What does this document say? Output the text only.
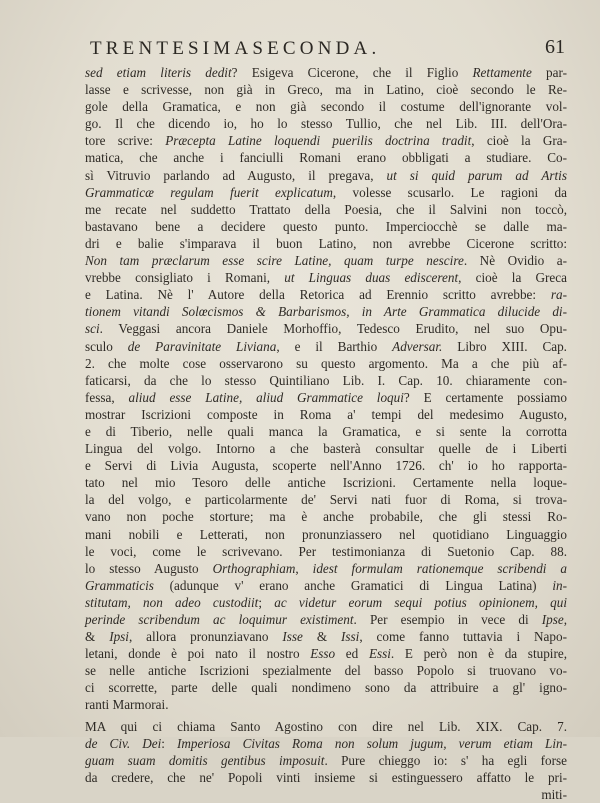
TRENTESIMASECONDA.	61
sed etiam literis dedit? Esigeva Cicerone, che il Figlio Rettamente par-
lasse e scrivesse, non già in Greco, ma in Latino, cioè secondo le Re-
gole della Gramatica, e non già secondo il costume dell'ignorante vol-
go. Il che dicendo io, ho lo stesso Tullio, che nel Lib. III. dell'Ora-
tore scrive: Præcepta Latine loquendi puerilis doctrina tradit, cioè la Gra-
matica, che anche i fanciulli Romani erano obbligati a studiare. Co-
sì Vitruvio parlando ad Augusto, il pregava, ut si quid parum ad Artis
Grammaticæ regulam fuerit explicatum, volesse scusarlo. Le ragioni da
me recate nel suddetto Trattato della Poesia, che il Salvini non toccò,
bastavano bene a decidere questo punto. Imperciocchè se dalle ma-
dri e balie s'imparava il buon Latino, non avrebbe Cicerone scritto:
Non tam præclarum esse scire Latine, quam turpe nescire. Nè Ovidio a-
vrebbe consigliato i Romani, ut Linguas duas ediscerent, cioè la Greca
e Latina. Nè l' Autore della Retorica ad Erennio scritto avrebbe: ra-
tionem vitandi Solœcismos & Barbarismos, in Arte Grammatica dilucide di-
sci. Veggasi ancora Daniele Morhoffio, Tedesco Erudito, nel suo Opu-
sculo de Paravinitate Liviana, e il Barthio Adversar. Libro XIII. Cap.
2. che molte cose osservarono su questo argomento. Ma a che più af-
faticarsi, da che lo stesso Quintiliano Lib. I. Cap. 10. chiaramente con-
fessa, aliud esse Latine, aliud Grammatice loqui? E certamente possiamo
mostrar Iscrizioni composte in Roma a' tempi del medesimo Augusto,
e di Tiberio, nelle quali manca la Gramatica, e si sente la corrotta
Lingua del volgo. Intorno a che basterà consultar quelle de i Liberti
e Servi di Livia Augusta, scoperte nell'Anno 1726. ch' io ho rapporta-
tato nel mio Tesoro delle antiche Iscrizioni. Certamente nella loque-
la del volgo, e particolarmente de' Servi nati fuor di Roma, si trova-
vano non poche storture; ma è anche probabile, che gli stessi Ro-
mani nobili e Letterati, non pronunziassero nel quotidiano Linguaggio
le voci, come le scrivevano. Per testimonianza di Suetonio Cap. 88.
lo stesso Augusto Orthographiam, idest formulam rationemque scribendi a
Grammaticis (adunque v' erano anche Gramatici di Lingua Latina) in-
stitutam, non adeo custodiit; ac videtur eorum sequi potius opinionem, qui
perinde scribendum ac loquimur existiment. Per esempio in vece di Ipse,
& Ipsi, allora pronunziavano Isse & Issi, come fanno tuttavia i Napo-
letani, donde è poi nato il nostro Esso ed Essi. E però non è da stupire,
se nelle antiche Iscrizioni spezialmente del basso Popolo si truovano vo-
ci scorrette, parte delle quali nondimeno sono da attribuire a gl' igno-
ranti Marmorai.
MA qui ci chiama Santo Agostino con dire nel Lib. XIX. Cap. 7.
de Civ. Dei: Imperiosa Civitas Roma non solum jugum, verum etiam Lin-
guam suam domitis gentibus imposuit. Pure chieggo io: s' ha egli forse
da credere, che ne' Popoli vinti insieme si estinguessero affatto le pri-
miti-
